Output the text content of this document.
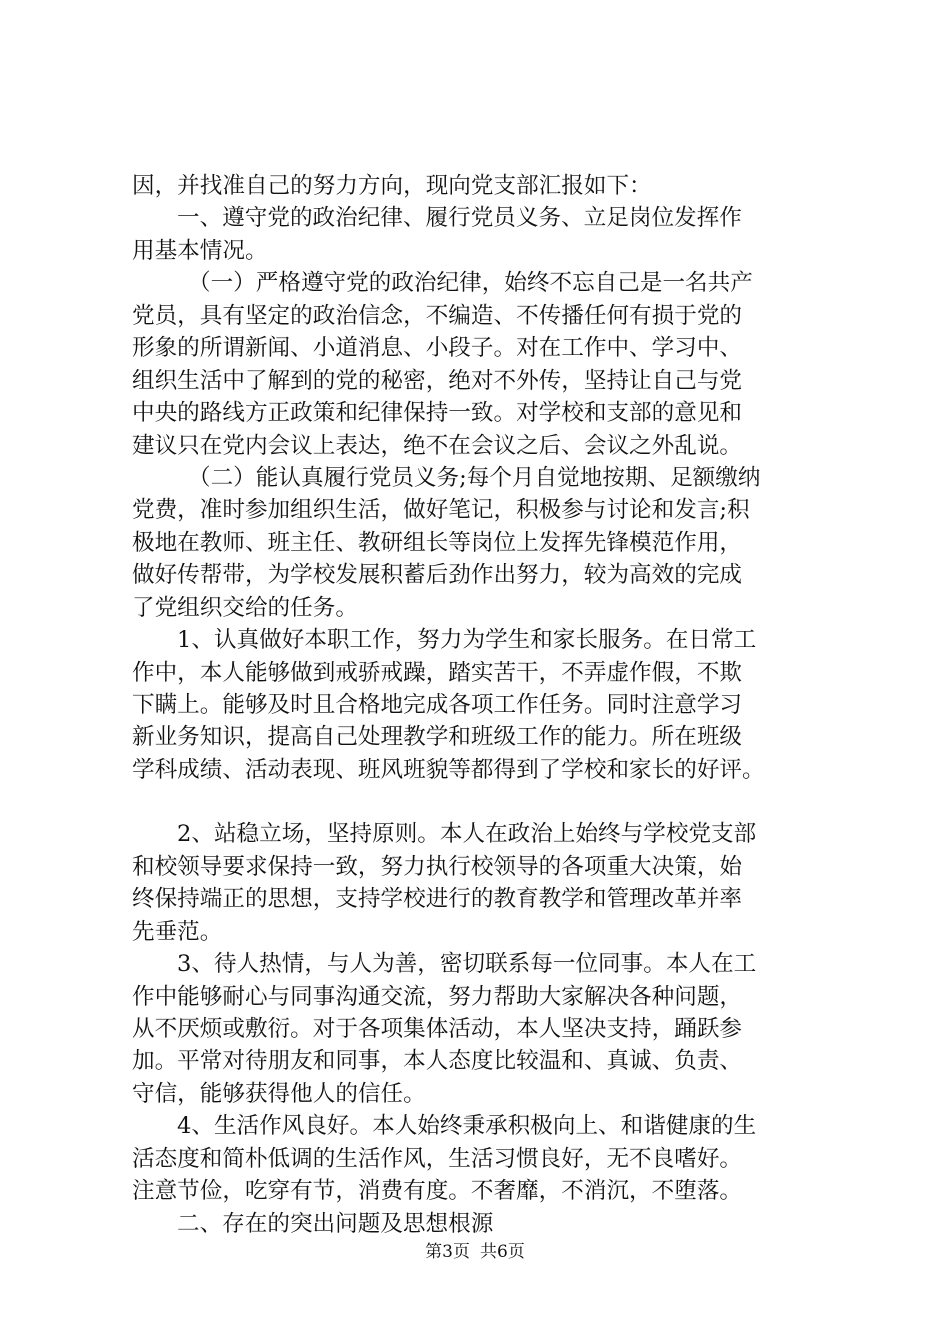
因，并找准自己的努力方向，现向党支部汇报如下：
一、遵守党的政治纪律、履行党员义务、立足岗位发挥作
用基本情况。
（一）严格遵守党的政治纪律，始终不忘自己是一名共产
党员，具有坚定的政治信念，不编造、不传播任何有损于党的
形象的所谓新闻、小道消息、小段子。对在工作中、学习中、
组织生活中了解到的党的秘密，绝对不外传，坚持让自己与党
中央的路线方正政策和纪律保持一致。对学校和支部的意见和
建议只在党内会议上表达，绝不在会议之后、会议之外乱说。
（二）能认真履行党员义务;每个月自觉地按期、足额缴纳
党费，准时参加组织生活，做好笔记，积极参与讨论和发言;积
极地在教师、班主任、教研组长等岗位上发挥先锋模范作用，
做好传帮带，为学校发展积蓄后劲作出努力，较为高效的完成
了党组织交给的任务。
1、认真做好本职工作，努力为学生和家长服务。在日常工
作中，本人能够做到戒骄戒躁，踏实苦干，不弄虚作假，不欺
下瞒上。能够及时且合格地完成各项工作任务。同时注意学习
新业务知识，提高自己处理教学和班级工作的能力。所在班级
学科成绩、活动表现、班风班貌等都得到了学校和家长的好评。
2、站稳立场，坚持原则。本人在政治上始终与学校党支部
和校领导要求保持一致，努力执行校领导的各项重大决策，始
终保持端正的思想，支持学校进行的教育教学和管理改革并率
先垂范。
3、待人热情，与人为善，密切联系每一位同事。本人在工
作中能够耐心与同事沟通交流，努力帮助大家解决各种问题，
从不厌烦或敷衍。对于各项集体活动，本人坚决支持，踊跃参
加。平常对待朋友和同事，本人态度比较温和、真诚、负责、
守信，能够获得他人的信任。
4、生活作风良好。本人始终秉承积极向上、和谐健康的生
活态度和简朴低调的生活作风，生活习惯良好，无不良嗜好。
注意节俭，吃穿有节，消费有度。不奢靡，不消沉，不堕落。
二、存在的突出问题及思想根源
第3页 共6页
